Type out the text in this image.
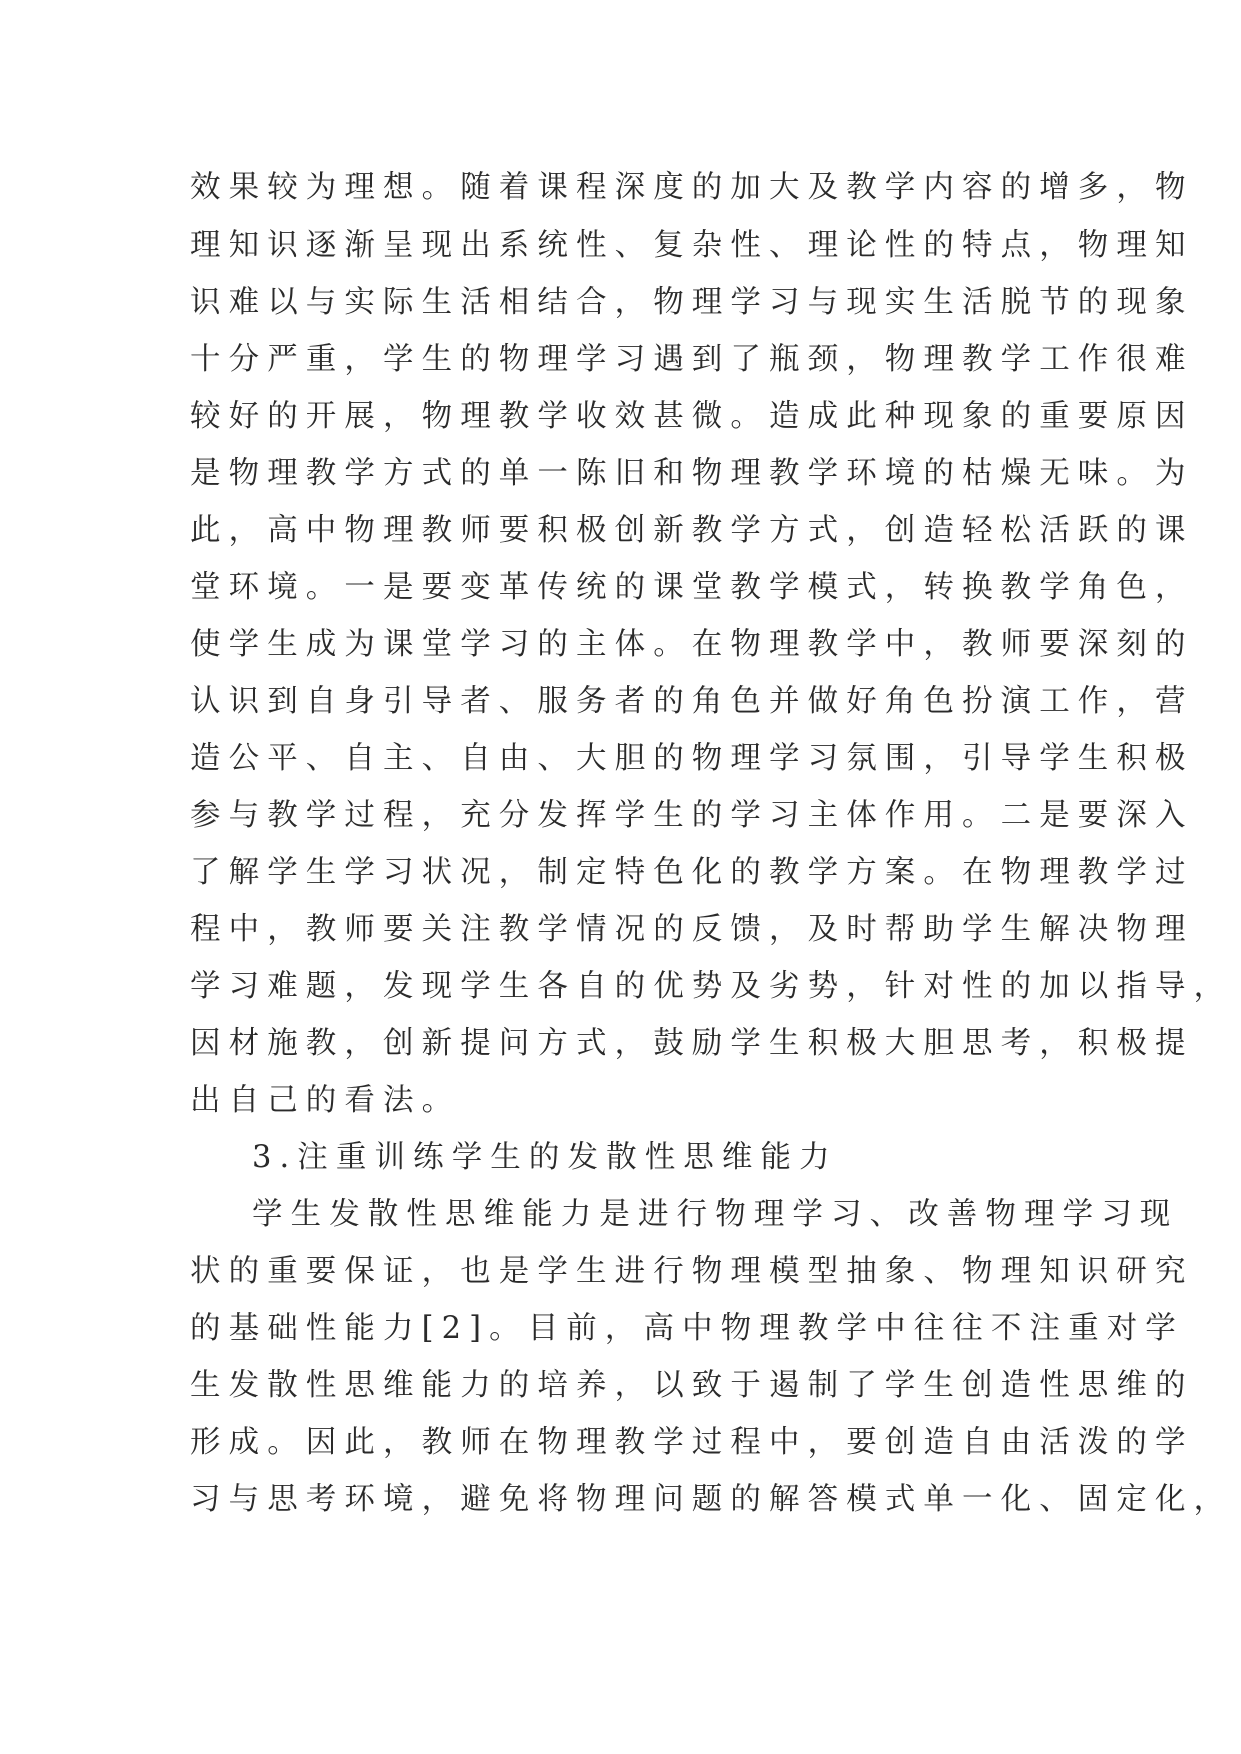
效果较为理想。随着课程深度的加大及教学内容的增多，物
理知识逐渐呈现出系统性、复杂性、理论性的特点，物理知
识难以与实际生活相结合，物理学习与现实生活脱节的现象
十分严重，学生的物理学习遇到了瓶颈，物理教学工作很难
较好的开展，物理教学收效甚微。造成此种现象的重要原因
是物理教学方式的单一陈旧和物理教学环境的枯燥无味。为
此，高中物理教师要积极创新教学方式，创造轻松活跃的课
堂环境。一是要变革传统的课堂教学模式，转换教学角色，
使学生成为课堂学习的主体。在物理教学中，教师要深刻的
认识到自身引导者、服务者的角色并做好角色扮演工作，营
造公平、自主、自由、大胆的物理学习氛围，引导学生积极
参与教学过程，充分发挥学生的学习主体作用。二是要深入
了解学生学习状况，制定特色化的教学方案。在物理教学过
程中，教师要关注教学情况的反馈，及时帮助学生解决物理
学习难题，发现学生各自的优势及劣势，针对性的加以指导，
因材施教，创新提问方式，鼓励学生积极大胆思考，积极提
出自己的看法。
3.注重训练学生的发散性思维能力
学生发散性思维能力是进行物理学习、改善物理学习现
状的重要保证，也是学生进行物理模型抽象、物理知识研究
的基础性能力[2]。目前，高中物理教学中往往不注重对学
生发散性思维能力的培养，以致于遏制了学生创造性思维的
形成。因此，教师在物理教学过程中，要创造自由活泼的学
习与思考环境，避免将物理问题的解答模式单一化、固定化，
